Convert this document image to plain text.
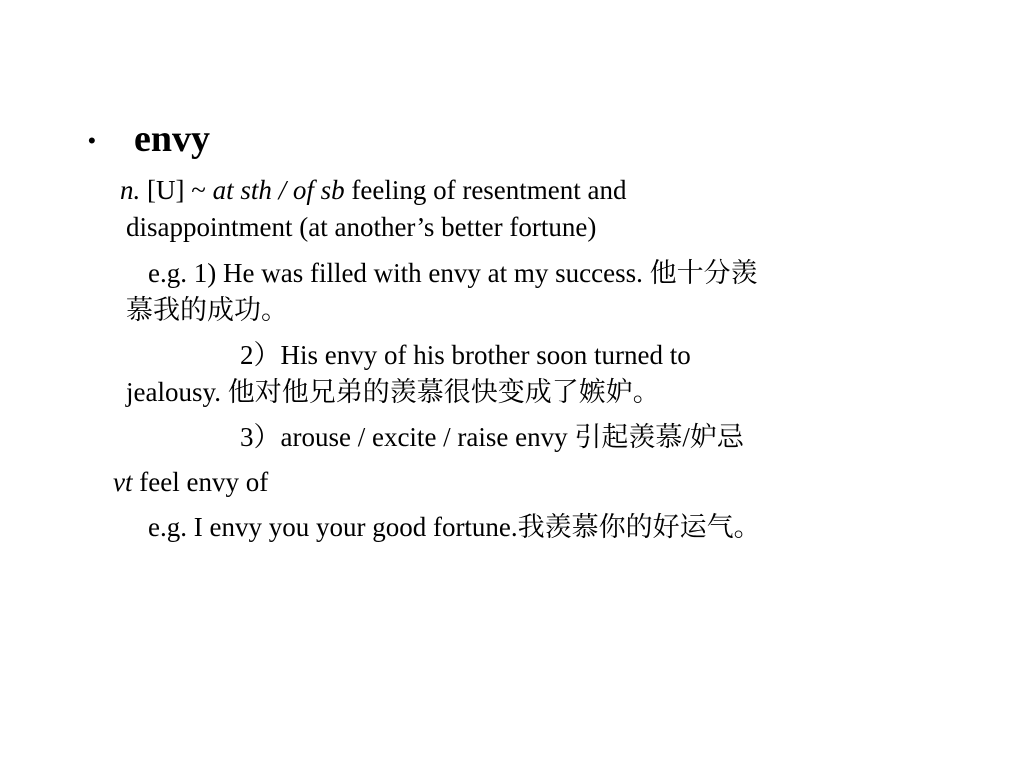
• envy
n. [U] ~ at sth / of sb feeling of resentment and
disappointment (at another’s better fortune)
e.g. 1) He was filled with envy at my success. 他十分羡
慕我的成功。
2）His envy of his brother soon turned to
jealousy. 他对他兄弟的羡慕很快变成了嫉妒。
3）arouse / excite / raise envy 引起羡慕/妒忌
vt feel envy of
e.g. I envy you your good fortune.我羡慕你的好运气。
